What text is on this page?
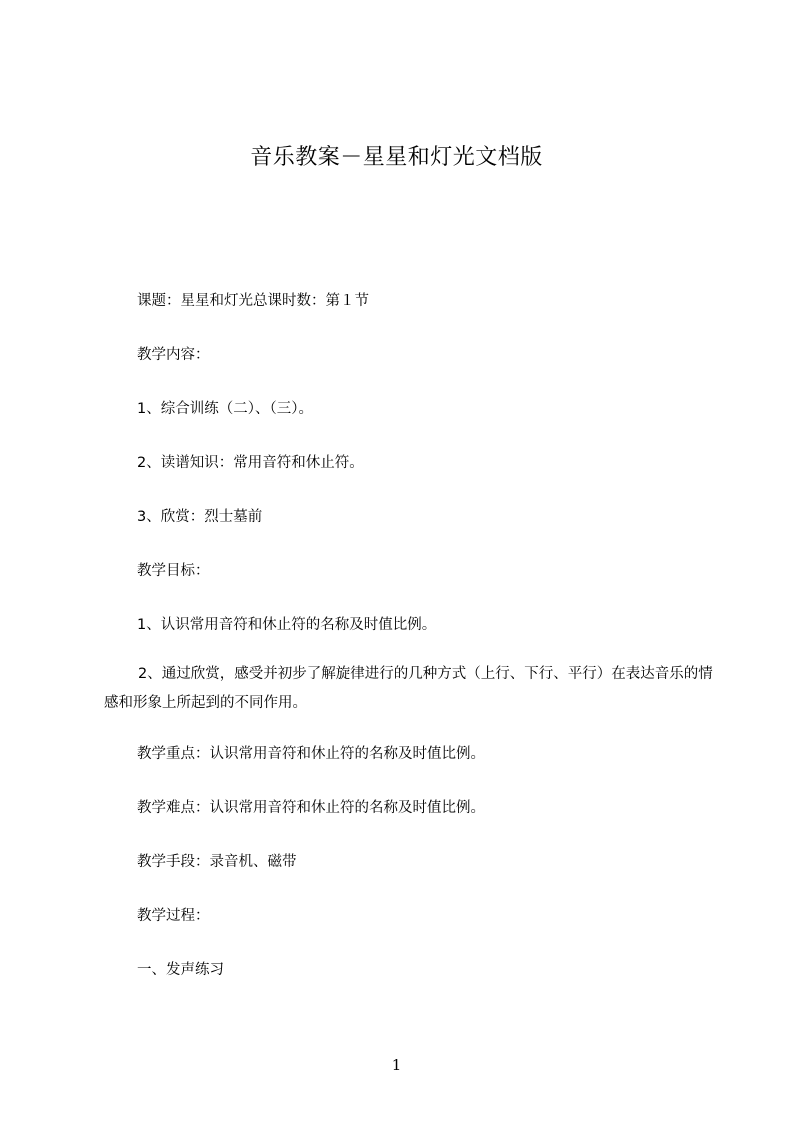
音乐教案－星星和灯光文档版
课题：星星和灯光总课时数：第１节
教学内容：
1、综合训练（二）、（三）。
2、读谱知识：常用音符和休止符。
3、欣赏：烈士墓前
教学目标：
1、认识常用音符和休止符的名称及时值比例。
2、通过欣赏，感受并初步了解旋律进行的几种方式（上行、下行、平行）在表达音乐的情感和形象上所起到的不同作用。
教学重点：认识常用音符和休止符的名称及时值比例。
教学难点：认识常用音符和休止符的名称及时值比例。
教学手段：录音机、磁带
教学过程：
一、发声练习
1
